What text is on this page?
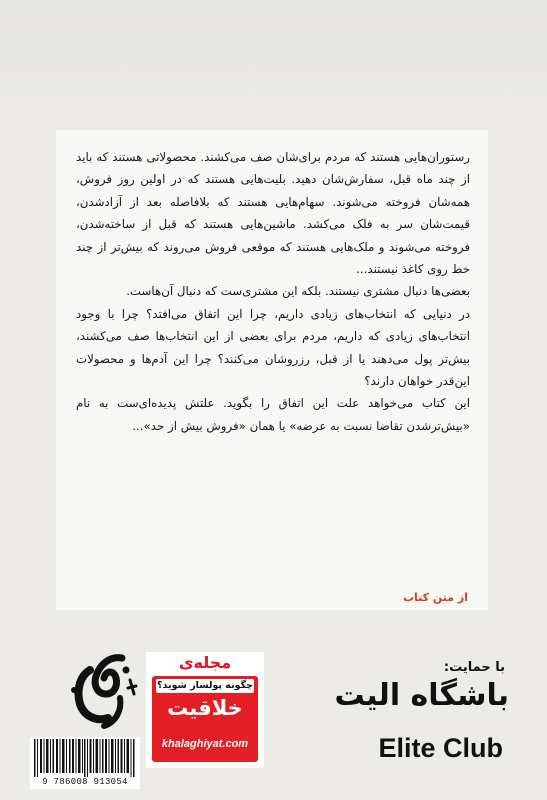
رستوران‌هایی هستند که مردم برای‌شان صف می‌کشند. محصولاتی هستند که باید از چند ماه قبل، سفارش‌شان دهید. بلیت‌هایی هستند که در اولین روز فروش، همه‌شان فروخته می‌شوند. سهام‌هایی هستند که بلافاصله بعد از آزادشدن، قیمت‌شان سر به فلک می‌کشد. ماشین‌هایی هستند که قبل از ساخته‌شدن، فروخته می‌شوند و ملک‌هایی هستند که موقعی فروش می‌روند که بیش‌تر از چند خط روی کاغذ نیستند...

بعضی‌ها دنبال مشتری نیستند. بلکه این مشتری‌ست که دنبال آن‌هاست.

در دنیایی که انتخاب‌های زیادی داریم، چرا این اتفاق می‌افتد؟ چرا با وجود انتخاب‌های زیادی که داریم، مردم برای بعضی از این انتخاب‌ها صف می‌کشند، بیش‌تر پول می‌دهند یا از قبل، رزروشان می‌کنند؟ چرا این آدم‌ها و محصولات این‌قدر خواهان دارند؟

این کتاب می‌خواهد علت این اتفاق را بگوید. علتش پدیده‌ای‌ست به نام «بیش‌ترشدن تقاضا نسبت به عرضه» یا همان «فروش بیش از حد»...

از متن کتاب
با حمایت:
باشگاه الیت
Elite Club
مجله‌ی
چگونه پولساز شوید؟
خلاقیت
khalaghiyat.com
9 786008 913054
